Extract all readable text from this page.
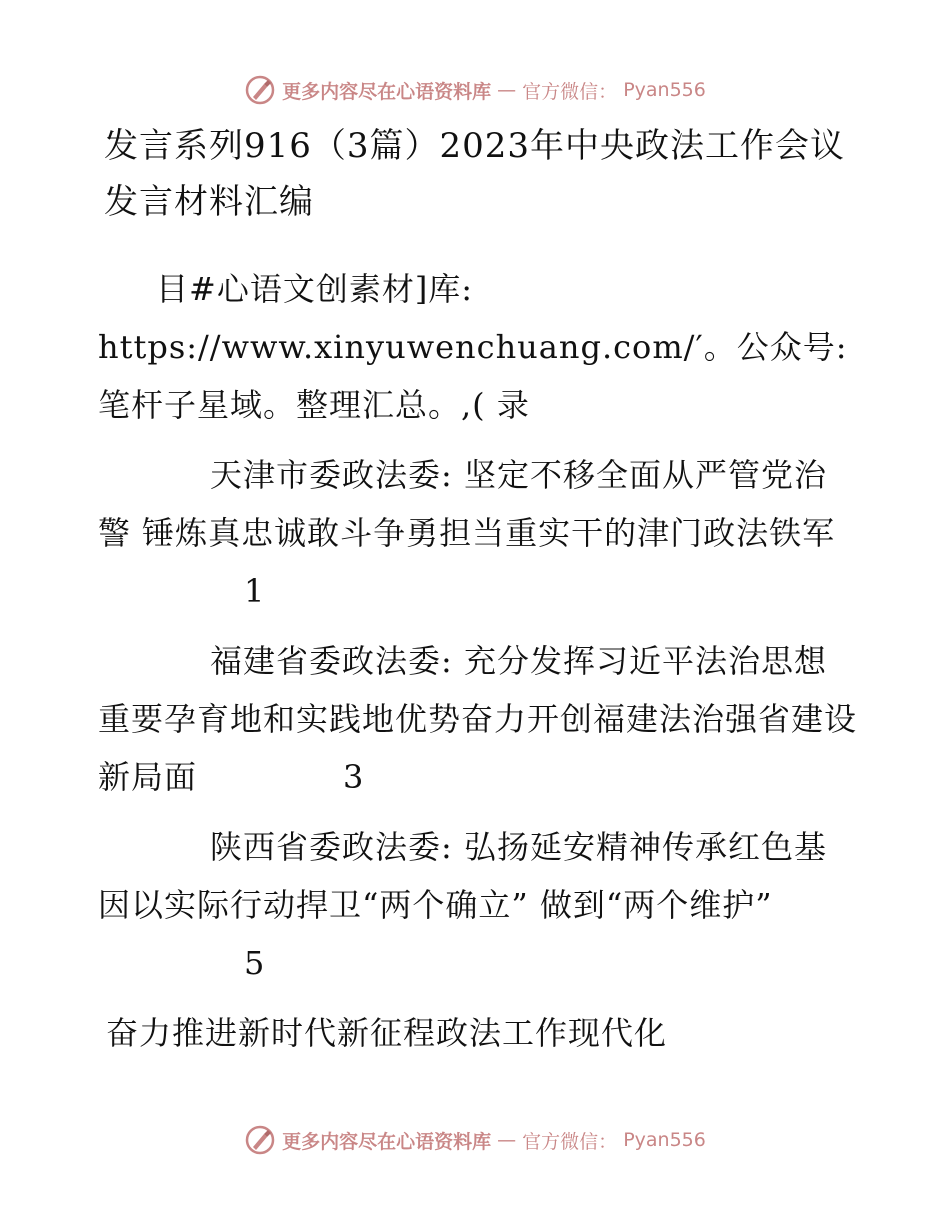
更多内容尽在心语资料库 — 官方微信： Pyan556

发言系列916（3篇）2023年中央政法工作会议发言材料汇编

目#心语文创素材]库: https://www.xinyuwenchuang.com/′。公众号: 笔杆子星域。整理汇总。,( 录

天津市委政法委: 坚定不移全面从严管党治警 锤炼真忠诚敢斗争勇担当重实干的津门政法铁军1

福建省委政法委: 充分发挥习近平法治思想重要孕育地和实践地优势奋力开创福建法治强省建设新局面	3

陕西省委政法委: 弘扬延安精神传承红色基因以实际行动捍卫“两个确立” 做到“两个维护”5

奋力推进新时代新征程政法工作现代化

更多内容尽在心语资料库 — 官方微信： Pyan556
